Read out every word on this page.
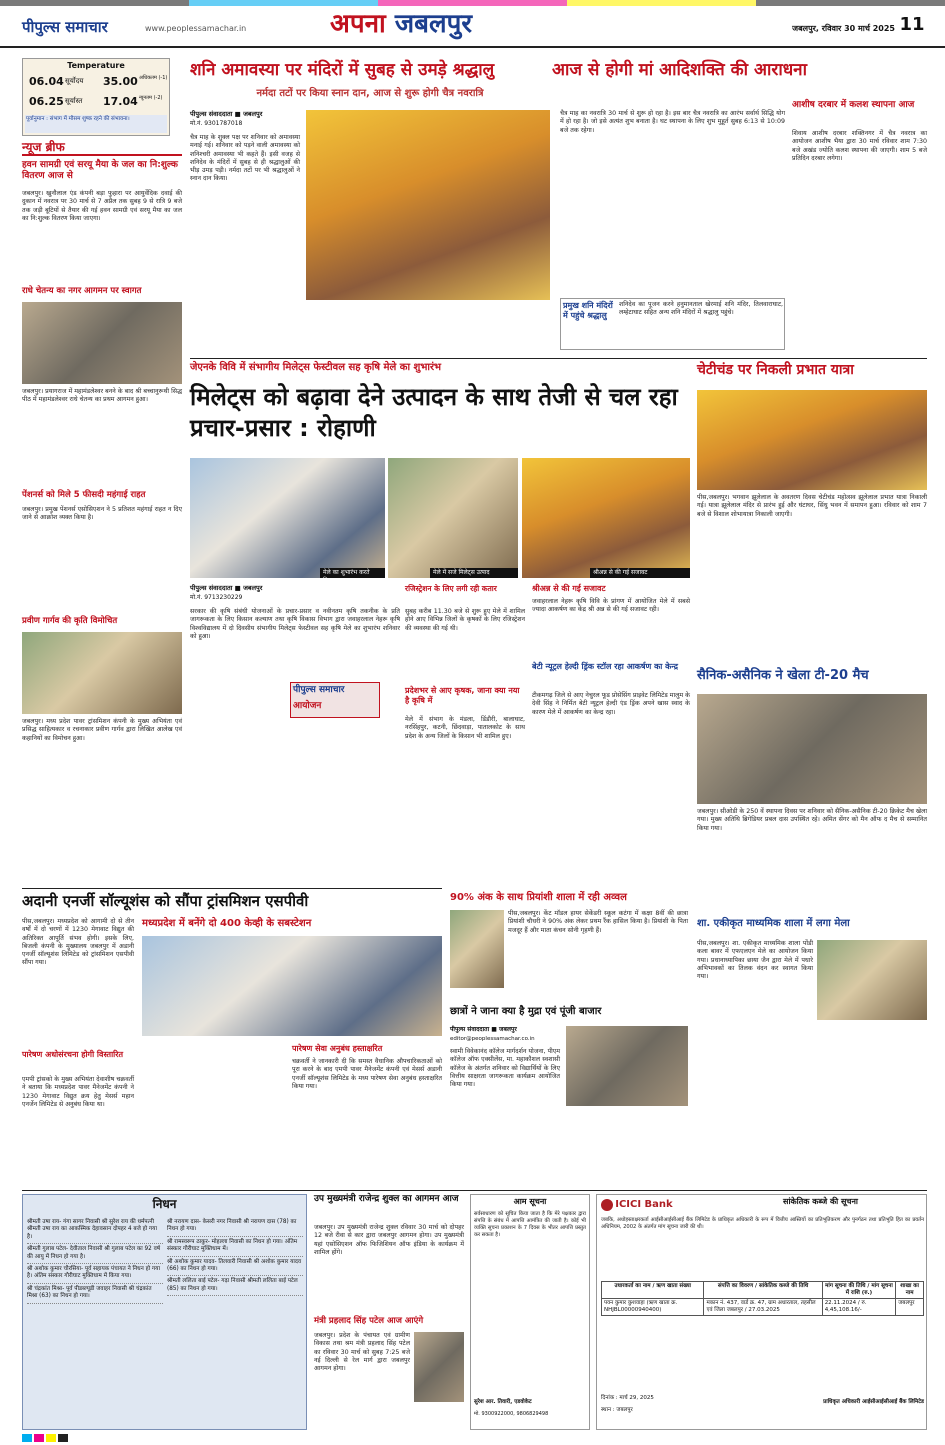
पीपुल्स समाचार	www.peoplessamachar.in	अपना जबलपुर	जबलपुर, रविवार 30 मार्च 2025 11
Temperature
06.04 सूर्योदय	35.00 अधिकतम (-1)
06.25 सूर्यास्त	17.04 न्यूनतम (-2)
पूर्वानुमान : संभाग में मौसम शुष्क रहने की संभावना।
न्यूज ब्रीफ
हवन सामग्री एवं सरयू मैया के जल का नि:शुल्क वितरण आज से
जबलपुर। खुनौलाल एंड कंपनी बड़ा फुहारा पर आयुर्वेदिक दवाई की दुकान में नवरात्र पर 30 मार्च से 7 अप्रैल तक सुबह 9 से रात्रि 9 बजे तक जड़ी बूटियों से तैयार की गई हवन सामग्री एवं सरयू मैया का जल का नि:शुल्क वितरण किया जाएगा।
राधे चेतन्य का नगर आगमन पर स्वागत
जबलपुर। प्रयागराज में महामंडलेश्वर बनने के बाद श्री बच्चानुरूथी सिद्ध पीठ में महामंडलेश्वर राधे चेतन्य का प्रथम आगमन हुआ।
पेंशनर्स को मिले 5 फीसदी महंगाई राहत
जबलपुर। प्रमुख पेंशनर्स एसोसिएशन ने 5 प्रतिशत महंगाई राहत न दिए जाने से आक्रोश व्यक्त किया है।
प्रवीण गार्गव की कृति विमोचित
जबलपुर। मध्य प्रदेश पावर ट्रांसमिशन कंपनी के मुख्य अभियंता एवं प्रसिद्ध साहित्यकार व रचनाकार प्रवीण गार्गव द्वारा लिखित आलेख एवं कहानियों का विमोचन हुआ।
शनि अमावस्या पर मंदिरों में सुबह से उमड़े श्रद्धालु
नर्मदा तटों पर किया स्नान दान, आज से शुरू होगी चैत्र नवरात्रि
पीपुल्स संवाददाता ■ जबलपुर
मो.नं. 9301787018
चैत्र माह के शुक्ल पक्ष पर शनिवार को अमावस्या मनाई गई। शनिवार को पड़ने वाली अमावस्या को शनिश्चरी अमावस्या भी कहते हैं। इसी वजह से शनिदेव के मंदिरों में सुबह से ही श्रद्धालुओं की भीड़ उमड़ पड़ी। नर्मदा तटों पर भी श्रद्धालुओं ने स्नान दान किया।
आज से होगी मां आदिशक्ति की आराधना
चैत्र माह का नवरात्रि 30 मार्च से शुरू हो रहा है। इस बार चैत्र नवरात्रि का आरंभ सर्वार्थ सिद्धि योग में हो रहा है। जो इसे अत्यंत शुभ बनाता है। घट स्थापना के लिए शुभ मुहूर्त सुबह 6:13 से 10:09 बजे तक रहेगा।
प्रमुख शनि मंदिरों में पहुंचे श्रद्धालु
शनिदेव का पूजन करने हनुमानताल खेरमाई शनि मंदिर, तिलवाराघाट, लम्हेटाघाट सहित अन्य शनि मंदिरों में श्रद्धालु पहुंचे।
आशीष दरबार में कलश स्थापना आज
शिवाय आशीष दरबार शक्तिनगर में चैत्र नवरात्र का आयोजन आशीष भैया द्वारा 30 मार्च रविवार शाम 7:30 बजे अखंड ज्योति कलश स्थापना की जाएगी। शाम 5 बजे प्रतिदिन दरबार लगेगा।
जेएनके विवि में संभागीय मिलेट्स फेस्टीवल सह कृषि मेले का शुभारंभ
मिलेट्स को बढ़ावा देने उत्पादन के साथ तेजी से चल रहा प्रचार-प्रसार : रोहाणी
मेले का शुभारंभ करते विधायक
मेले में सजे मिलेट्स उत्पाद	श्रीअन्न से की गई सजावट
पीपुल्स संवाददाता ■ जबलपुर
मो.नं. 9713230229
सरकार की कृषि संबंधी योजनाओं के प्रचार-प्रसार व नवीनतम कृषि तकनीक के प्रति जागरूकता के लिए किसान कल्याण तथा कृषि विकास विभाग द्वारा जवाहरलाल नेहरू कृषि विश्वविद्यालय में दो दिवसीय संभागीय मिलेट्स फेस्टीवल सह कृषि मेले का शुभारंभ शनिवार को हुआ।
पीपुल्स समाचार
आयोजन
रजिस्ट्रेशन के लिए लगी रही कतार
सुबह करीब 11.30 बजे से शुरू हुए मेले में शामिल होने आए विभिन्न जिलों के कृषकों के लिए रजिस्ट्रेशन की व्यवस्था की गई थी।
प्रदेशभर से आए कृषक, जाना क्या नया है कृषि में
मेले में संभाग के मंडला, डिंडौरी, बालाघाट, नरसिंहपुर, कटनी, छिंदवाड़ा, पातालकोट के साथ प्रदेश के अन्य जिलों के किसान भी शामिल हुए।
श्रीअन्न से की गई सजावट
जवाहरलाल नेहरू कृषि विवि के प्रांगण में आयोजित मेले में सबसे ज्यादा आकर्षण का केंद्र श्री अन्न से की गई सजावट रही।
बेटी न्यूट्रल हेल्दी ड्रिंक स्टॉल रहा आकर्षण का केन्द्र
टीकमगढ़ जिले से आए नेचुरल फूड प्रोसेसिंग प्राइवेट लिमिटेड मालुम के देवी सिंह ने निर्मित बेटी न्यूट्रल हेल्दी एंड ड्रिंक अपने खास स्वाद के कारण मेले में आकर्षण का केन्द्र रहा।
चेटीचंड पर निकली प्रभात यात्रा
पीस,जबलपुर। भगवान झूलेलाल के अवतरण दिवस चेटीचंड महोत्सव झूलेलाल प्रभात यात्रा निकाली गई। यात्रा झूलेलाल मंदिर से प्रारंभ हुई और घंटाघर, सिंधु भवन में समापन हुआ। रविवार को शाम 7 बजे से विशाल शोभायात्रा निकाली जाएगी।
सैनिक-असैनिक ने खेला टी-20 मैच
जबलपुर। सीओडी के 250 वें स्थापना दिवस पर शनिवार को सैनिक-असैनिक टी-20 क्रिकेट मैच खेला गया। मुख्य अतिथि ब्रिगेडियर प्रबल दास उपस्थित रहे। अमित सेंगर को मैन ऑफ द मैच से सम्मानित किया गया।
अदानी एनर्जी सॉल्यूशंस को सौंपा ट्रांसमिशन एसपीवी
मध्यप्रदेश में बनेंगे दो 400 केव्ही के सबस्टेशन
पीस,जबलपुर। मध्यप्रदेश को आगामी दो से तीन वर्षों में दो चरणों में 1230 मेगावाट विद्युत की अतिरिक्त आपूर्ति संभव होगी। इसके लिए, बिजली कंपनी के मुख्यालय जबलपुर में अडानी एनर्जी सॉल्यूशंस लिमिटेड को ट्रांसमिशन एसपीवी सौंपा गया।
पारेषण अधोसंरचना होगी विस्तारित
एमपी ट्रांसको के मुख्य अभियंता देवाशीष चक्रवर्ती ने बताया कि मध्यप्रदेश पावर मैनेजमेंट कंपनी ने 1230 मेगावाट विद्युत क्रय हेतु मेसर्स महान एनर्जेन लिमिटेड से अनुबंध किया था।
पारेषण सेवा अनुबंध हस्ताक्षरित
चक्रवर्ती ने जानकारी दी कि समस्त वैधानिक औपचारिकताओं को पूरा करने के बाद एमपी पावर मैनेजमेंट कंपनी एवं मेसर्स अडानी एनर्जी सॉल्यूशंस लिमिटेड के मध्य पारेषण सेवा अनुबंध हस्ताक्षरित किया गया।
90% अंक के साथ प्रियांशी शाला में रही अव्वल
पीस,जबलपुर। केंट मॉडल हायर सेकेंडरी स्कूल कटंगा में कक्षा 8वीं की छात्रा प्रियांशी चौधरी ने 90% अंक लेकर प्रथम रैंक हासिल किया है। प्रियांशी के पिता मजदूर हैं और माता कंचन सोनी गृहणी हैं।
छात्रों ने जाना क्या है मुद्रा एवं पूंजी बाजार
पीपुल्स संवाददाता ■ जबलपुर
editor@peoplessamachar.co.in
स्वामी विवेकानंद कॉलेज मार्गदर्शन योजना, पीएम कॉलेज ऑफ एक्सीलेंस, मा. महाकौशल स्वशासी कॉलेज के अंतर्गत शनिवार को विद्यार्थियों के लिए वित्तीय साक्षरता जागरूकता कार्यक्रम आयोजित किया गया।
शा. एकीकृत माध्यमिक शाला में लगा मेला
पीस,जबलपुर। शा. एकीकृत माध्यमिक शाला पोंडी कला बावर में एफएलएन मेले का आयोजन किया गया। प्रधानाध्यापिका छाया जैन द्वारा मेले में पधारे अभिभावकों का तिलक वंदन कर स्वागत किया गया।
निधन
श्रीमती उषा राय- गंगा सागर निवासी श्री सुरेश राय की धर्मपत्नी श्रीमती उषा राय का आकस्मिक देहावसान दोपहर 4 बजे हो गया है।
श्रीमती गुलाब पटेल- देवीताल निवासी श्री गुलाब पटेल का 92 वर्ष की आयु में निधन हो गया है।
श्री अशोक कुमार चौरसिया- पूर्व सहायक पंचायत ने निधन हो गया है। अंतिम संस्कार गौरीघाट मुक्तिधाम में किया गया।
श्री चंद्रकांत मिश्रा- पूर्व पीडब्ल्यूडी जवाहर निवासी श्री चंद्रकांत मिश्रा (63) का निधन हो गया।
श्री नरायण दास- केसरी नगर निवासी श्री नरायण दास (78) का निधन हो गया।
श्री रामस्वरूप ठाकुर- मोहल्ला निवासी का निधन हो गया। अंतिम संस्कार गौरीघाट मुक्तिधाम में।
श्री अशोक कुमार यादव- तिलवारी निवासी श्री अशोक कुमार यादव (66) का निधन हो गया।
श्रीमती ललिता बाई पटेल- गढ़ा निवासी श्रीमती ललिता बाई पटेल (85) का निधन हो गया।
उप मुख्यमंत्री राजेन्द्र शुक्ल का आगमन आज
जबलपुर। उप मुख्यमंत्री राजेन्द्र शुक्ल रविवार 30 मार्च को दोपहर 12 बजे रीवा से कार द्वारा जबलपुर आगमन होगा। उप मुख्यमंत्री यहां एसोसिएशन ऑफ फिजिशियन ऑफ इंडिया के कार्यक्रम में शामिल होंगे।
मंत्री प्रहलाद सिंह पटेल आज आएंगे
जबलपुर। प्रदेश के पंचायत एवं ग्रामीण विकास तथा श्रम मंत्री प्रहलाद सिंह पटेल का रविवार 30 मार्च को सुबह 7:25 बजे नई दिल्ली से रेल मार्ग द्वारा जबलपुर आगमन होगा।
आम सूचना
सर्वसाधारण को सूचित किया जाता है कि मेरे पक्षकार द्वारा संपत्ति के संबंध में आपत्ति आमंत्रित की जाती है। कोई भी व्यक्ति सूचना प्रकाशन के 7 दिवस के भीतर आपत्ति प्रस्तुत कर सकता है।
सुरेश आर. तिवारी, एडवोकेट
मो. 9300922000, 9806829498
ICICI Bank	सांकेतिक कब्जे की सूचना
जबकि, अधोहस्ताक्षरकर्ता आईसीआईसीआई बैंक लिमिटेड के प्राधिकृत अधिकारी के रूप में वित्तीय आस्तियों का प्रतिभूतिकरण और पुनर्गठन तथा प्रतिभूति हित का प्रवर्तन अधिनियम, 2002 के अंतर्गत मांग सूचना जारी की थी।
उधारकर्ता का नाम / ऋण खाता संख्या	संपत्ति का विवरण / सांकेतिक कब्जे की तिथि	मांग सूचना की तिथि / मांग सूचना में राशि (रु.)	शाखा का नाम
पवन कुमार कुशवाहा (ऋण खाता क्र. NHJBL00000940400)	मकान नं. 437, वार्ड क्र. 47, ग्राम अधारताल, तहसील एवं जिला जबलपुर / 27.03.2025	22.11.2024 / रु. 4,45,108.16/-	जबलपुर
दिनांक : मार्च 29, 2025
स्थान : जबलपुर
प्राधिकृत अधिकारी आईसीआईसीआई बैंक लिमिटेड
